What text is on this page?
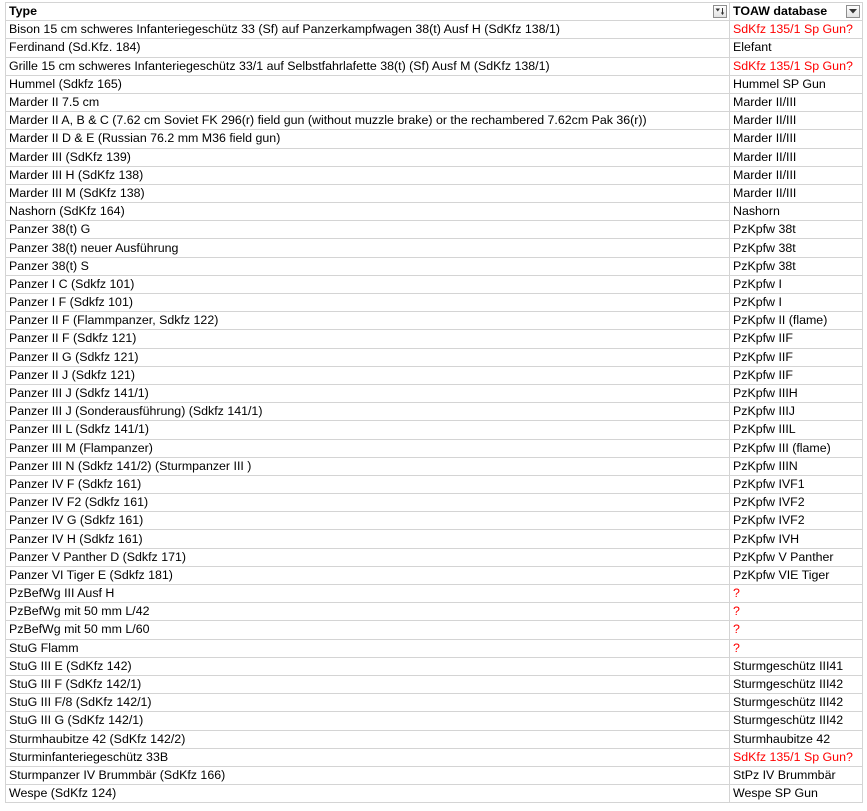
Type	TOAW database

Bison 15 cm schweres Infanteriegeschütz 33 (Sf) auf Panzerkampfwagen 38(t) Ausf H (SdKfz 138/1)	SdKfz 135/1 Sp Gun?
Ferdinand (Sd.Kfz. 184)	Elefant
Grille 15 cm schweres Infanteriegeschütz 33/1 auf Selbstfahrlafette 38(t) (Sf) Ausf M (SdKfz 138/1)	SdKfz 135/1 Sp Gun?
Hummel (Sdkfz 165)	Hummel SP Gun
Marder II 7.5 cm	Marder II/III
Marder II A, B & C (7.62 cm Soviet FK 296(r) field gun (without muzzle brake) or the rechambered 7.62cm Pak 36(r))	Marder II/III
Marder II D & E (Russian 76.2 mm M36 field gun)	Marder II/III
Marder III (SdKfz 139)	Marder II/III
Marder III H (SdKfz 138)	Marder II/III
Marder III M (SdKfz 138)	Marder II/III
Nashorn (SdKfz 164)	Nashorn
Panzer 38(t) G	PzKpfw 38t
Panzer 38(t) neuer Ausführung	PzKpfw 38t
Panzer 38(t) S	PzKpfw 38t
Panzer I C (Sdkfz 101)	PzKpfw I
Panzer I F (Sdkfz 101)	PzKpfw I
Panzer II F (Flammpanzer, Sdkfz 122)	PzKpfw II (flame)
Panzer II F (Sdkfz 121)	PzKpfw IIF
Panzer II G (Sdkfz 121)	PzKpfw IIF
Panzer II J (Sdkfz 121)	PzKpfw IIF
Panzer III J (Sdkfz 141/1)	PzKpfw IIIH
Panzer III J (Sonderausführung) (Sdkfz 141/1)	PzKpfw IIIJ
Panzer III L (Sdkfz 141/1)	PzKpfw IIIL
Panzer III M (Flampanzer)	PzKpfw III (flame)
Panzer III N (Sdkfz 141/2) (Sturmpanzer III )	PzKpfw IIIN
Panzer IV F (Sdkfz 161)	PzKpfw IVF1
Panzer IV F2 (Sdkfz 161)	PzKpfw IVF2
Panzer IV G (Sdkfz 161)	PzKpfw IVF2
Panzer IV H (Sdkfz 161)	PzKpfw IVH
Panzer V Panther D (Sdkfz 171)	PzKpfw V Panther
Panzer VI Tiger E (Sdkfz 181)	PzKpfw VIE Tiger
PzBefWg III Ausf H	?
PzBefWg mit 50 mm L/42	?
PzBefWg mit 50 mm L/60	?
StuG Flamm	?
StuG III E (SdKfz 142)	Sturmgeschütz III41
StuG III F (SdKfz 142/1)	Sturmgeschütz III42
StuG III F/8 (SdKfz 142/1)	Sturmgeschütz III42
StuG III G (SdKfz 142/1)	Sturmgeschütz III42
Sturmhaubitze 42 (SdKfz 142/2)	Sturmhaubitze 42
Sturminfanteriegeschütz 33B	SdKfz 135/1 Sp Gun?
Sturmpanzer IV Brummbär (SdKfz 166)	StPz IV Brummbär
Wespe (SdKfz 124)	Wespe SP Gun
